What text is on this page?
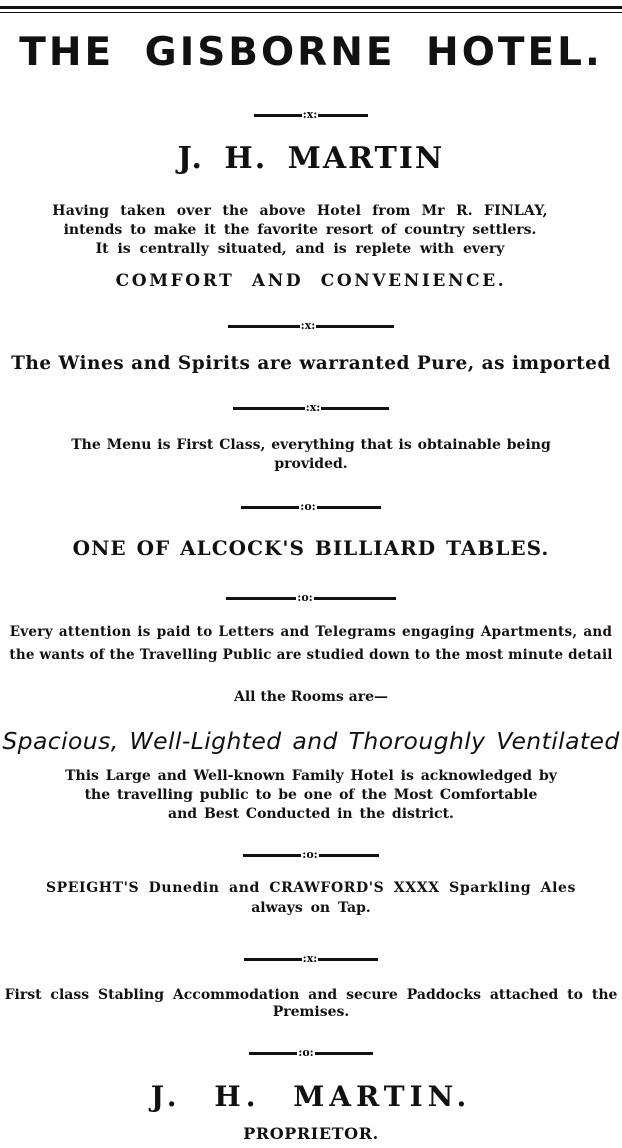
THE GISBORNE HOTEL.
:x:
J. H. MARTIN
Having taken over the above Hotel from Mr R. FINLAY,
intends to make it the favorite resort of country settlers.
It is centrally situated, and is replete with every
COMFORT AND CONVENIENCE.
:x:
The Wines and Spirits are warranted Pure, as imported
:x:
The Menu is First Class, everything that is obtainable being
provided.
:o:
ONE OF ALCOCK'S BILLIARD TABLES.
:o:
Every attention is paid to Letters and Telegrams engaging Apartments, and
the wants of the Travelling Public are studied down to the most minute detail
All the Rooms are—
Spacious, Well-Lighted and Thoroughly Ventilated
This Large and Well-known Family Hotel is acknowledged by
the travelling public to be one of the Most Comfortable
and Best Conducted in the district.
:o:
SPEIGHT'S Dunedin and CRAWFORD'S XXXX Sparkling Ales
always on Tap.
:x:
First class Stabling Accommodation and secure Paddocks attached to the
Premises.
:o:
J. H. MARTIN.
PROPRIETOR.
